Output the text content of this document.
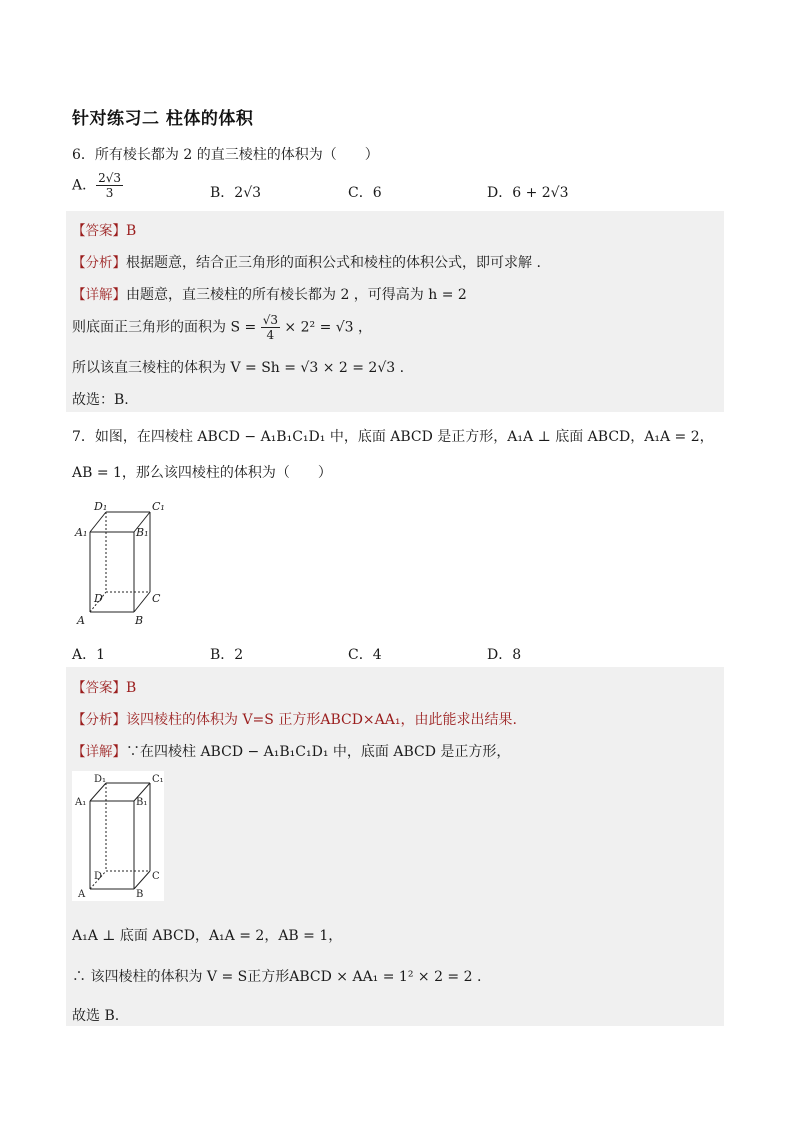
针对练习二 柱体的体积
6．所有棱长都为 2 的直三棱柱的体积为（　　）
A． $\frac{2√3}{3}$	B．2√3	C．6	D．6 + 2√3
【答案】B
【分析】根据题意，结合正三角形的面积公式和棱柱的体积公式，即可求解 .
【详解】由题意，直三棱柱的所有棱长都为 2 ，可得高为 h = 2
则底面正三角形的面积为 $S = \frac{√3}{4} \times 2^2 = √3$ ，
所以该直三棱柱的体积为 V = Sh = √3 × 2 = 2√3 .
故选：B.
7．如图，在四棱柱 ABCD − A₁B₁C₁D₁ 中，底面 ABCD 是正方形，A₁A ⊥ 底面 ABCD，A₁A = 2，
AB = 1，那么该四棱柱的体积为（　　）
D₁	C₁
A₁	B₁
D	C
A	B
A．1	B．2	C．4	D．8
【答案】B
【分析】该四棱柱的体积为 V=S 正方形ABCD×AA₁，由此能求出结果.
【详解】∵在四棱柱 ABCD − A₁B₁C₁D₁ 中，底面 ABCD 是正方形，
D₁	C₁
A₁	B₁
D	C
A	B
A₁A ⊥ 底面 ABCD，A₁A = 2，AB = 1，
∴ 该四棱柱的体积为 V = S正方形ABCD × AA₁ = 1² × 2 = 2 .
故选 B.
